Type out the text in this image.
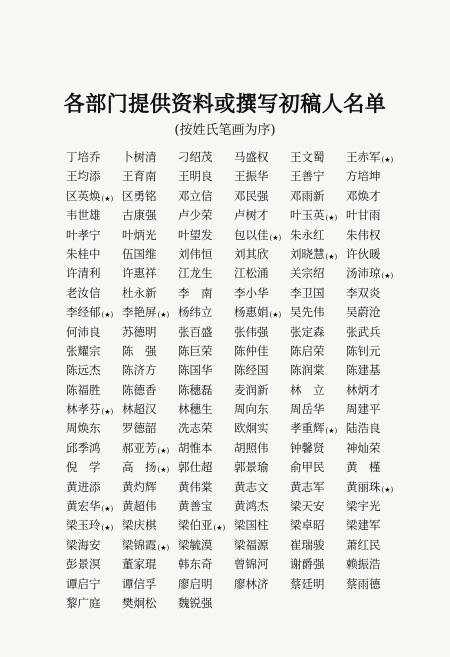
各部门提供资料或撰写初稿人名单
(按姓氏笔画为序)
丁培乔	卜树清	刁绍茂	马盛权	王文蜀	王赤军(★)
王均添	王育南	王明良	王振华	王善宁	方培坤
区英焕(★) 区勇铭	邓立信	邓民强	邓雨新	邓焕才
韦世雄	古康强	卢少荣	卢树才	叶玉英(★) 叶甘雨
叶孝宁	叶炳光	叶望发	包以佳(★) 朱永红	朱伟权
朱桂中	伍国维	刘伟恒	刘其欣	刘晓慧(★) 许伙暖
许清利	许惠祥	江龙生	江松涌	关宗绍	汤沛琼(★)
老汝信	杜永新	李　南	李小华	李卫国	李双炎
李经郁(★) 李艳屏(★) 杨纬立	杨惠娟(★) 吴先伟	吴蔚沧
何沛良	苏德明	张百盛	张伟强	张定森	张武兵
张耀宗	陈　强	陈巨荣	陈仲佳	陈启荣	陈钊元
陈远杰	陈济方	陈国华	陈经国	陈润棠	陈建基
陈福胜	陈德香	陈穗磊	麦润新	林　立	林炳才
林孝芬(★) 林超汉	林穗生	周向东	周岳华	周建平
周焕东	罗德韶	冼志荣	欧炯实	孝重辉(★) 陆浩良
邱季鸿	郝亚芳(★) 胡惟本	胡照伟	钟馨贤	神灿荣
倪　学	高　扬(★) 郭仕超	郭景瑜	俞甲民	黄　槿
黄进添	黄灼辉	黄伟棠	黄志文	黄志军	黄丽珠(★)
黄宏华(★) 黄超伟	黄善宝	黄鸿杰	梁天安	梁宇光
梁玉玲(★) 梁庆棋	梁伯亚(★) 梁国柱	梁卓昭	梁建军
梁海安	梁锦霞(★) 梁毓漠	梁福源	崔瑞骏	萧红民
彭景溟	董家琨	韩东奇	曾锦河	谢爵强	赖振浩
谭启宁	谭信孚	廖启明	廖林济	蔡廷明	蔡雨德
黎广庭	樊炯松	魏锐强
